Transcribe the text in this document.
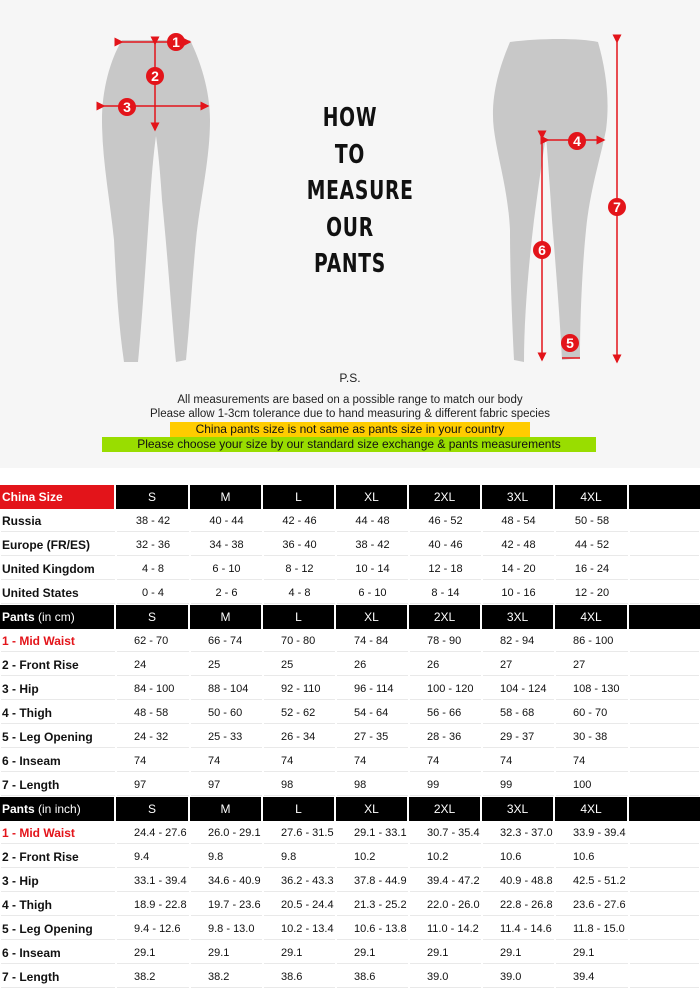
1
2
3
4
5
6
7
HOW
TO
MEASURE
OUR
PANTS
P.S.
All measurements are based on a possible range to match our body
Please allow 1-3cm tolerance due to hand measuring & different fabric species
China pants size is not same as pants size in your country
Please choose your size by our standard size exchange & pants measurements
China Size	S	M	L	XL	2XL	3XL	4XL	
Russia	38 - 42	40 - 44	42 - 46	44 - 48	46 - 52	48 - 54	50 - 58	
Europe (FR/ES)	32 - 36	34 - 38	36 - 40	38 - 42	40 - 46	42 - 48	44 - 52	
United Kingdom	4 - 8	6 - 10	8 - 12	10 - 14	12 - 18	14 - 20	16 - 24	
United States	0 - 4	2 - 6	4 - 8	6 - 10	8 - 14	10 - 16	12 - 20	
Pants (in cm)	S	M	L	XL	2XL	3XL	4XL	
1 - Mid Waist	62 - 70	66 - 74	70 - 80	74 - 84	78 - 90	82 - 94	86 - 100	
2 - Front Rise	24	25	25	26	26	27	27	
3 - Hip	84 - 100	88 - 104	92 - 110	96 - 114	100 - 120	104 - 124	108 - 130	
4 - Thigh	48 - 58	50 - 60	52 - 62	54 - 64	56 - 66	58 - 68	60 - 70	
5 - Leg Opening	24 - 32	25 - 33	26 - 34	27 - 35	28 - 36	29 - 37	30 - 38	
6 - Inseam	74	74	74	74	74	74	74	
7 - Length	97	97	98	98	99	99	100	
Pants (in inch)	S	M	L	XL	2XL	3XL	4XL	
1 - Mid Waist	24.4 - 27.6	26.0 - 29.1	27.6 - 31.5	29.1 - 33.1	30.7 - 35.4	32.3 - 37.0	33.9 - 39.4	
2 - Front Rise	9.4	9.8	9.8	10.2	10.2	10.6	10.6	
3 - Hip	33.1 - 39.4	34.6 - 40.9	36.2 - 43.3	37.8 - 44.9	39.4 - 47.2	40.9 - 48.8	42.5 - 51.2	
4 - Thigh	18.9 - 22.8	19.7 - 23.6	20.5 - 24.4	21.3 - 25.2	22.0 - 26.0	22.8 - 26.8	23.6 - 27.6	
5 - Leg Opening	9.4 - 12.6	9.8 - 13.0	10.2 - 13.4	10.6 - 13.8	11.0 - 14.2	11.4 - 14.6	11.8 - 15.0	
6 - Inseam	29.1	29.1	29.1	29.1	29.1	29.1	29.1	
7 - Length	38.2	38.2	38.6	38.6	39.0	39.0	39.4	
